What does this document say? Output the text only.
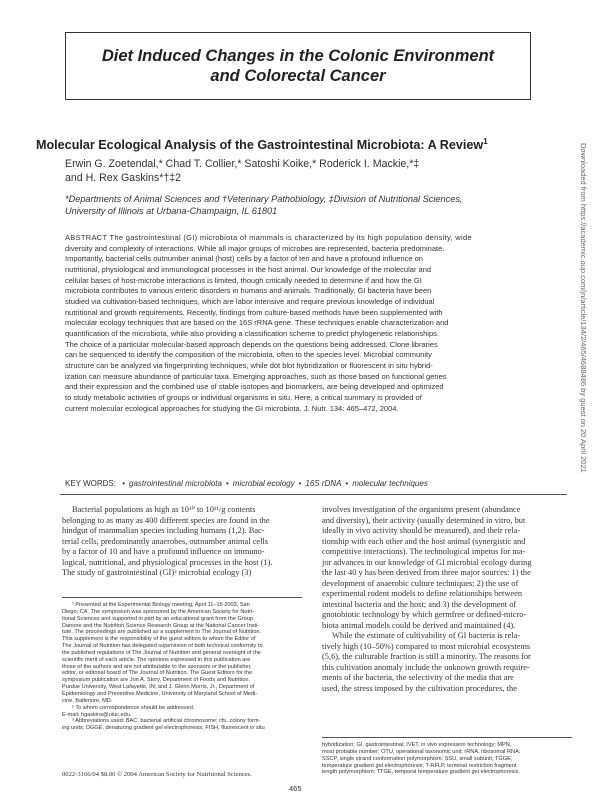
Diet Induced Changes in the Colonic Environment
and Colorectal Cancer
Molecular Ecological Analysis of the Gastrointestinal Microbiota: A Review$^1$
Erwin G. Zoetendal,* Chad T. Collier,* Satoshi Koike,* Roderick I. Mackie,*‡
and H. Rex Gaskins*†‡2
*Departments of Animal Sciences and †Veterinary Pathobiology, ‡Division of Nutritional Sciences,
University of Illinois at Urbana-Champaign, IL 61801
ABSTRACT The gastrointestinal (GI) microbiota of mammals is characterized by its high population density, wide
diversity and complexity of interactions. While all major groups of microbes are represented, bacteria predominate.
Importantly, bacterial cells outnumber animal (host) cells by a factor of ten and have a profound influence on
nutritional, physiological and immunological processes in the host animal. Our knowledge of the molecular and
cellular bases of host-microbe interactions is limited, though critically needed to determine if and how the GI
microbiota contributes to various enteric disorders in humans and animals. Traditionally, GI bacteria have been
studied via cultivation-based techniques, which are labor intensive and require previous knowledge of individual
nutritional and growth requirements. Recently, findings from culture-based methods have been supplemented with
molecular ecology techniques that are based on the 16S rRNA gene. These techniques enable characterization and
quantification of the microbiota, while also providing a classification scheme to predict phylogenetic relationships.
The choice of a particular molecular-based approach depends on the questions being addressed. Clone libraries
can be sequenced to identify the composition of the microbiota, often to the species level. Microbial community
structure can be analyzed via fingerprinting techniques, while dot blot hybridization or fluorescent in situ hybrid-
ization can measure abundance of particular taxa. Emerging approaches, such as those based on functional genes
and their expression and the combined use of stable isotopes and biomarkers, are being developed and optimized
to study metabolic activities of groups or individual organisms in situ. Here, a critical summary is provided of
current molecular ecological approaches for studying the GI microbiota. J. Nutr. 134: 465–472, 2004.
KEY WORDS: • gastrointestinal microbiota • microbial ecology • 16S rDNA • molecular techniques
Bacterial populations as high as 10¹⁰ to 10¹¹/g contents
belonging to as many as 400 different species are found in the
hindgut of mammalian species including humans (1,2). Bac-
terial cells, predominantly anaerobes, outnumber animal cells
by a factor of 10 and have a profound influence on immuno-
logical, nutritional, and physiological processes in the host (1).
The study of gastrointestinal (GI)³ microbial ecology (3)
involves investigation of the organisms present (abundance
and diversity), their activity (usually determined in vitro, but
ideally in vivo activity should be measured), and their rela-
tionship with each other and the host animal (synergistic and
competitive interactions). The technological impetus for ma-
jor advances in our knowledge of GI microbial ecology during
the last 40 y has been derived from three major sources: 1) the
development of anaerobic culture techniques; 2) the use of
experimental rodent models to define relationships between
intestinal bacteria and the host; and 3) the development of
gnotobiotic technology by which germfree or defined-micro-
biota animal models could be derived and maintained (4).
While the estimate of cultivability of GI bacteria is rela-
tively high (10–50%) compared to most microbial ecosystems
(5,6), the culturable fraction is still a minority. The reasons for
this cultivation anomaly include the unknown growth require-
ments of the bacteria, the selectivity of the media that are
used, the stress imposed by the cultivation procedures, the
¹ Presented at the Experimental Biology meeting, April 11–15 2003, San
Diego, CA. The symposium was sponsored by the American Society for Nutri-
tional Sciences and supported in part by an educational grant from the Group
Danone and the Nutrition Science Research Group at the National Cancer Insti-
tute. The proceedings are published as a supplement to The Journal of Nutrition.
This supplement is the responsibility of the guest editors to whom the Editor of
The Journal of Nutrition has delegated supervision of both technical conformity to
the published regulations of The Journal of Nutrition and general oversight of the
scientific merit of each article. The opinions expressed in this publication are
those of the authors and are not attributable to the sponsors or the publisher,
editor, or editorial board of The Journal of Nutrition. The Guest Editors for the
symposium publication are Jon A. Story, Department of Foods and Nutrition,
Purdue University, West Lafayette, IN; and J. Glenn Morris, Jr., Department of
Epidemiology and Preventive Medicine, University of Maryland School of Medi-
cine, Baltimore, MD.
² To whom correspondence should be addressed.
E-mail: hgaskins@uiuc.edu.
³ Abbreviations used: BAC, bacterial artificial chromosome; cfu, colony form-
ing units; DGGE, denaturing gradient gel electrophoresis; FISH, fluorescent in situ
hybridization; GI, gastrointestinal; IVET, in vivo expression technology; MPN,
most probable number; OTU, operational taxonomic unit; rRNA, ribosomal RNA;
SSCP, single strand conformation polymorphism; SSU, small subunit; TGGE,
temperature gradient gel electrophoresis; T-RFLP, terminal restriction fragment
length polymorphism; TTGE, temporal temperature gradient gel electrophoresis.
0022-3166/04 $8.00 © 2004 American Society for Nutritional Sciences.
465
Downloaded from https://academic.oup.com/jn/article/134/2/465/4688486 by guest on 20 April 2021
